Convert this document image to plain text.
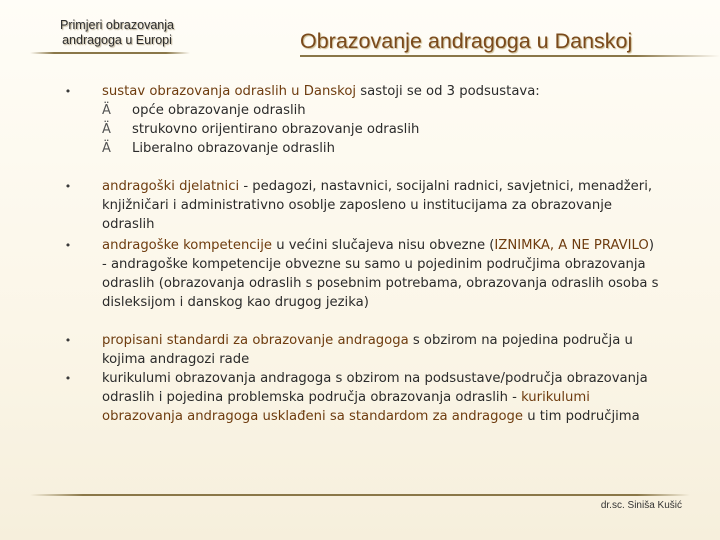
Primjeri obrazovanja
andragoga u Europi	Obrazovanje andragoga u Danskoj
• sustav obrazovanja odraslih u Danskoj sastoji se od 3 podsustava:
Ä	opće obrazovanje odraslih
Ä	strukovno orijentirano obrazovanje odraslih
Ä	Liberalno obrazovanje odraslih
• andragoški djelatnici - pedagozi, nastavnici, socijalni radnici, savjetnici, menadžeri, knjižničari i administrativno osoblje zaposleno u institucijama za obrazovanje odraslih
• andragoške kompetencije u većini slučajeva nisu obvezne (IZNIMKA, A NE PRAVILO) - andragoške kompetencije obvezne su samo u pojedinim područjima obrazovanja odraslih (obrazovanja odraslih s posebnim potrebama, obrazovanja odraslih osoba s disleksijom i danskog kao drugog jezika)
• propisani standardi za obrazovanje andragoga s obzirom na pojedina područja u kojima andragozi rade
• kurikulumi obrazovanja andragoga s obzirom na podsustave/područja obrazovanja odraslih i pojedina problemska područja obrazovanja odraslih - kurikulumi obrazovanja andragoga usklađeni sa standardom za andragoge u tim područjima
dr.sc. Siniša Kušić
